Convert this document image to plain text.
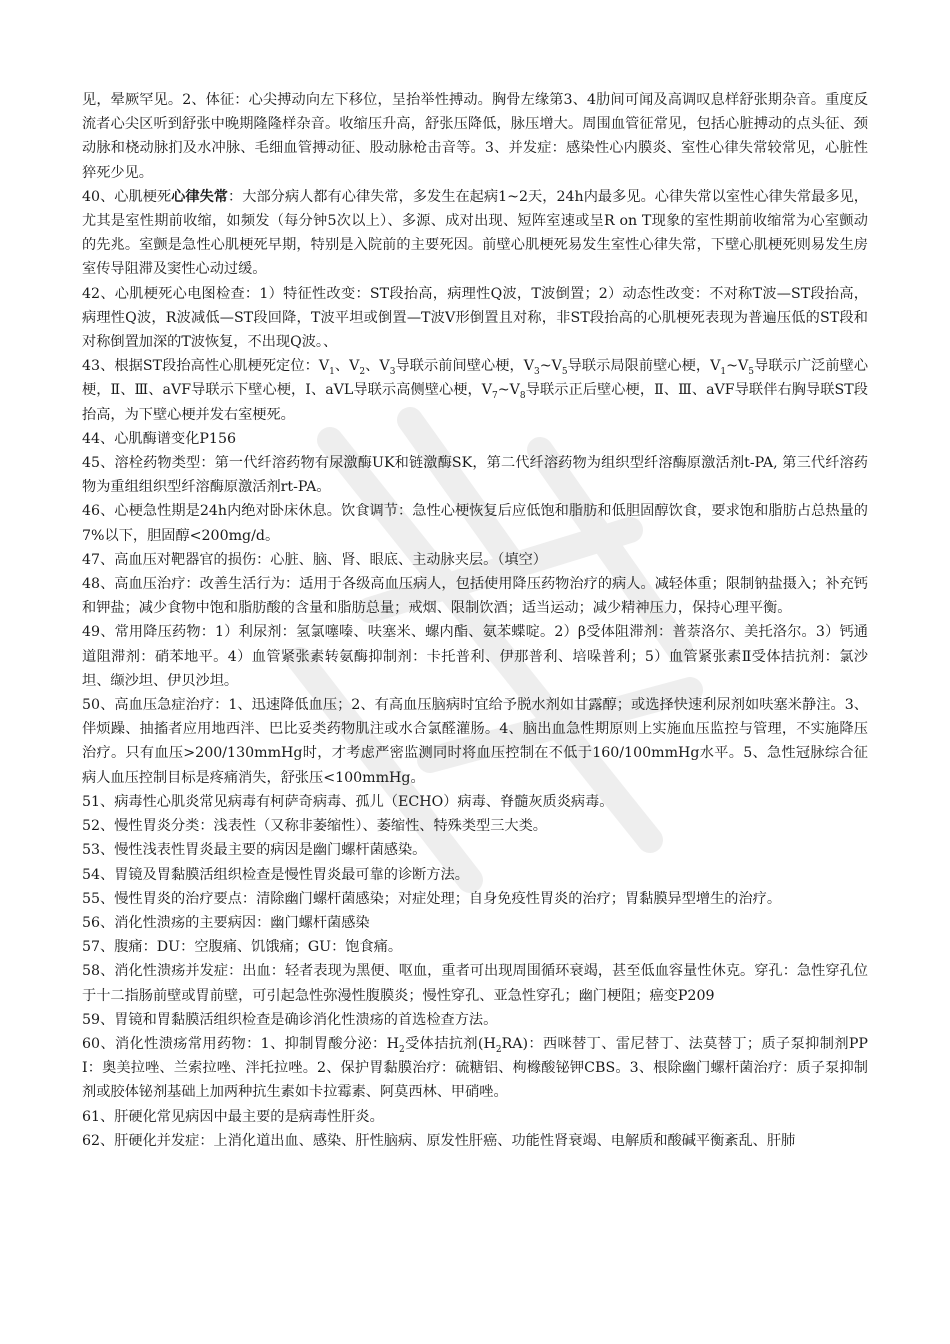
见，晕厥罕见。2、体征：心尖搏动向左下移位，呈抬举性搏动。胸骨左缘第3、4肋间可闻及高调叹息样舒张期杂音。重度反流者心尖区听到舒张中晚期隆隆样杂音。收缩压升高，舒张压降低，脉压增大。周围血管征常见，包括心脏搏动的点头征、颈动脉和桡动脉扪及水冲脉、毛细血管搏动征、股动脉枪击音等。3、并发症：感染性心内膜炎、室性心律失常较常见，心脏性猝死少见。

40、心肌梗死心律失常：大部分病人都有心律失常，多发生在起病1~2天，24h内最多见。心律失常以室性心律失常最多见，尤其是室性期前收缩，如频发（每分钟5次以上）、多源、成对出现、短阵室速或呈R on T现象的室性期前收缩常为心室颤动的先兆。室颤是急性心肌梗死早期，特别是入院前的主要死因。前壁心肌梗死易发生室性心律失常，下壁心肌梗死则易发生房室传导阻滞及窦性心动过缓。

42、心肌梗死心电图检查：1）特征性改变：ST段抬高，病理性Q波，T波倒置；2）动态性改变：不对称T波—ST段抬高，病理性Q波，R波减低—ST段回降，T波平坦或倒置—T波V形倒置且对称，非ST段抬高的心肌梗死表现为普遍压低的ST段和对称倒置加深的T波恢复，不出现Q波。、

43、根据ST段抬高性心肌梗死定位：$V_1$、$V_2$、$V_3$导联示前间壁心梗，$V_3\sim V_5$导联示局限前壁心梗，$V_1\sim V_5$导联示广泛前壁心梗，Ⅱ、Ⅲ、aVF导联示下壁心梗，Ⅰ、aVL导联示高侧壁心梗，$V_7\sim V_8$导联示正后壁心梗，Ⅱ、Ⅲ、aVF导联伴右胸导联ST段抬高，为下壁心梗并发右室梗死。

44、心肌酶谱变化P156

45、溶栓药物类型：第一代纤溶药物有尿激酶UK和链激酶SK，第二代纤溶药物为组织型纤溶酶原激活剂t-PA, 第三代纤溶药物为重组组织型纤溶酶原激活剂rt-PA。

46、心梗急性期是24h内绝对卧床休息。饮食调节：急性心梗恢复后应低饱和脂肪和低胆固醇饮食，要求饱和脂肪占总热量的7%以下，胆固醇<200mg/d。

47、高血压对靶器官的损伤：心脏、脑、肾、眼底、主动脉夹层。（填空）

48、高血压治疗：改善生活行为：适用于各级高血压病人，包括使用降压药物治疗的病人。减轻体重；限制钠盐摄入；补充钙和钾盐；减少食物中饱和脂肪酸的含量和脂肪总量；戒烟、限制饮酒；适当运动；减少精神压力，保持心理平衡。

49、常用降压药物：1）利尿剂：氢氯噻嗪、呋塞米、螺内酯、氨苯蝶啶。2）β受体阻滞剂：普萘洛尔、美托洛尔。3）钙通道阻滞剂：硝苯地平。4）血管紧张素转氨酶抑制剂：卡托普利、伊那普利、培哚普利；5）血管紧张素Ⅱ受体拮抗剂：氯沙坦、缬沙坦、伊贝沙坦。

50、高血压急症治疗：1、迅速降低血压；2、有高血压脑病时宜给予脱水剂如甘露醇；或选择快速利尿剂如呋塞米静注。3、伴烦躁、抽搐者应用地西泮、巴比妥类药物肌注或水合氯醛灌肠。4、脑出血急性期原则上实施血压监控与管理，不实施降压治疗。只有血压>200/130mmHg时，才考虑严密监测同时将血压控制在不低于160/100mmHg水平。5、急性冠脉综合征病人血压控制目标是疼痛消失，舒张压<100mmHg。

51、病毒性心肌炎常见病毒有柯萨奇病毒、孤儿（ECHO）病毒、脊髓灰质炎病毒。

52、慢性胃炎分类：浅表性（又称非萎缩性）、萎缩性、特殊类型三大类。

53、慢性浅表性胃炎最主要的病因是幽门螺杆菌感染。

54、胃镜及胃黏膜活组织检查是慢性胃炎最可靠的诊断方法。

55、慢性胃炎的治疗要点：清除幽门螺杆菌感染；对症处理；自身免疫性胃炎的治疗；胃黏膜异型增生的治疗。

56、消化性溃疡的主要病因：幽门螺杆菌感染

57、腹痛：DU：空腹痛、饥饿痛；GU：饱食痛。

58、消化性溃疡并发症：出血：轻者表现为黑便、呕血，重者可出现周围循环衰竭，甚至低血容量性休克。穿孔：急性穿孔位于十二指肠前壁或胃前壁，可引起急性弥漫性腹膜炎；慢性穿孔、亚急性穿孔；幽门梗阻；癌变P209

59、胃镜和胃黏膜活组织检查是确诊消化性溃疡的首选检查方法。

60、消化性溃疡常用药物：1、抑制胃酸分泌：$H_2$受体拮抗剂$(H_2RA)$：西咪替丁、雷尼替丁、法莫替丁；质子泵抑制剂PPI：奥美拉唑、兰索拉唑、泮托拉唑。2、保护胃黏膜治疗：硫糖铝、枸橼酸铋钾CBS。3、根除幽门螺杆菌治疗：质子泵抑制剂或胶体铋剂基础上加两种抗生素如卡拉霉素、阿莫西林、甲硝唑。

61、肝硬化常见病因中最主要的是病毒性肝炎。

62、肝硬化并发症：上消化道出血、感染、肝性脑病、原发性肝癌、功能性肾衰竭、电解质和酸碱平衡紊乱、肝肺
